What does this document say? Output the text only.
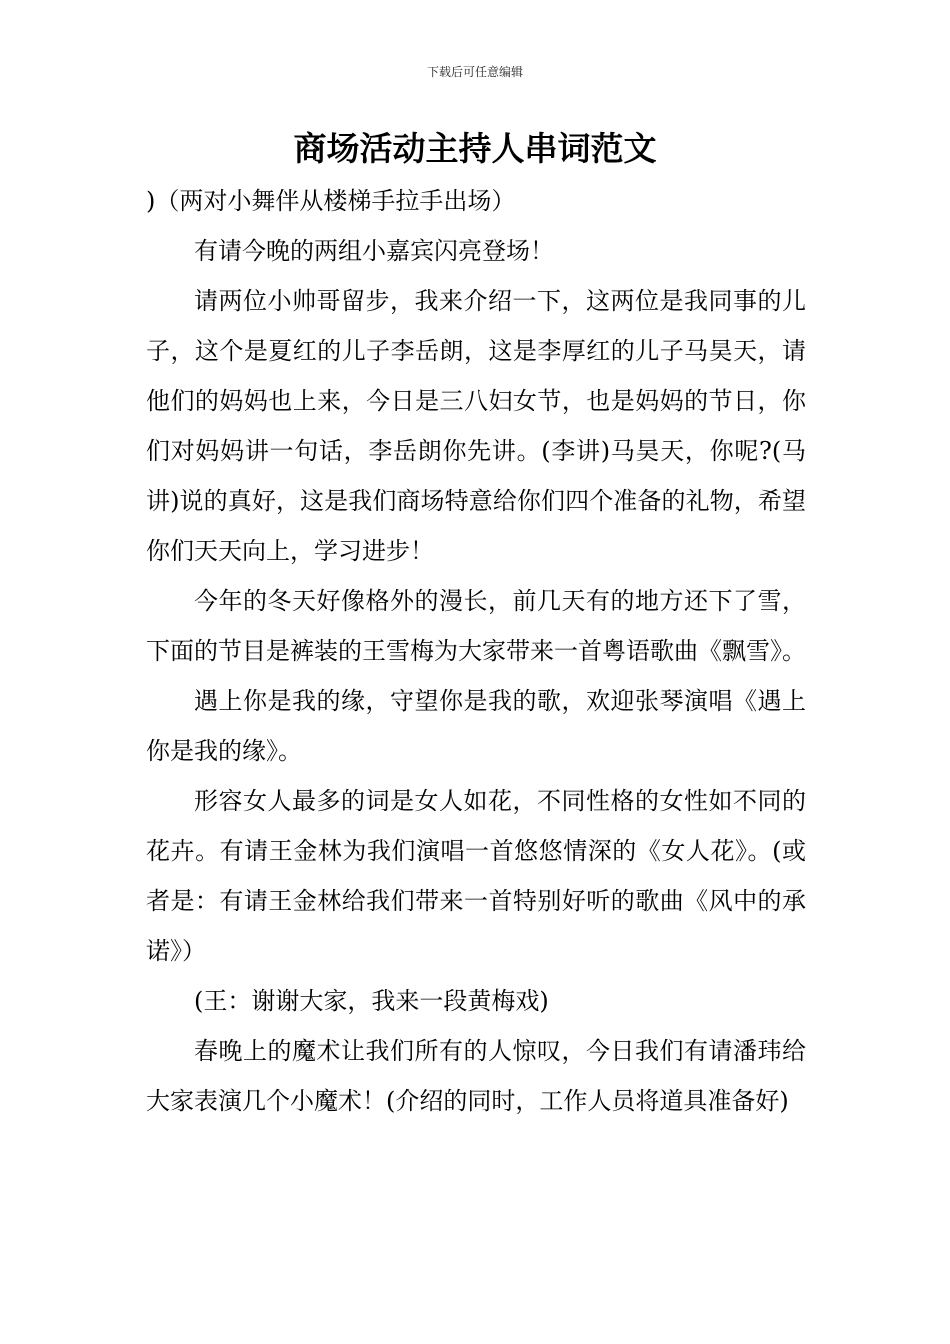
下载后可任意编辑
商场活动主持人串词范文

)（两对小舞伴从楼梯手拉手出场）

有请今晚的两组小嘉宾闪亮登场！

请两位小帅哥留步，我来介绍一下，这两位是我同事的儿子，这个是夏红的儿子李岳朗，这是李厚红的儿子马昊天，请他们的妈妈也上来，今日是三八妇女节，也是妈妈的节日，你们对妈妈讲一句话，李岳朗你先讲。(李讲)马昊天，你呢?(马讲)说的真好，这是我们商场特意给你们四个准备的礼物，希望你们天天向上，学习进步！

今年的冬天好像格外的漫长，前几天有的地方还下了雪，下面的节目是裤装的王雪梅为大家带来一首粤语歌曲《飘雪》。

遇上你是我的缘，守望你是我的歌，欢迎张琴演唱《遇上你是我的缘》。

形容女人最多的词是女人如花，不同性格的女性如不同的花卉。有请王金林为我们演唱一首悠悠情深的《女人花》。(或者是：有请王金林给我们带来一首特别好听的歌曲《风中的承诺》）

(王：谢谢大家，我来一段黄梅戏)

春晚上的魔术让我们所有的人惊叹，今日我们有请潘玮给大家表演几个小魔术！(介绍的同时，工作人员将道具准备好)
